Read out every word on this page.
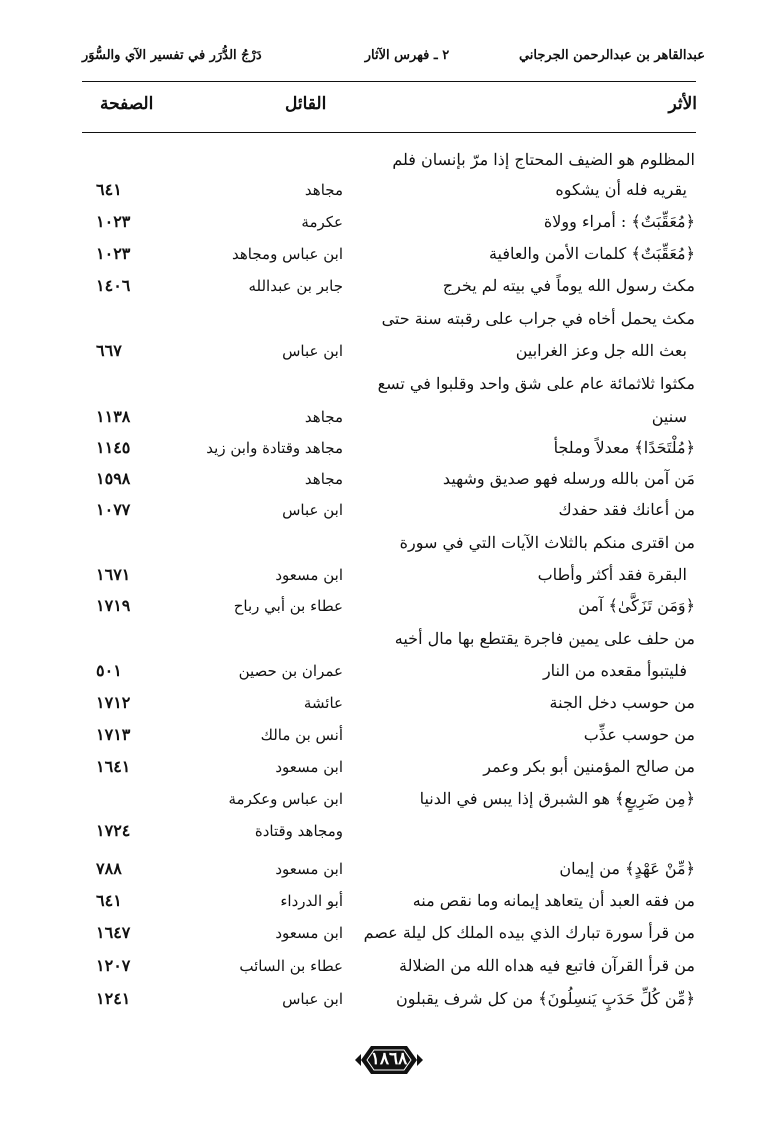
عبدالقاهر بن عبدالرحمن الجرجاني
٢ ـ فهرس الآثار
دَرْجُ الدُّرَر في تفسير الآي والسُّوَر
الأثر
القائل
الصفحة
المظلوم هو الضيف المحتاج إذا مرّ بإنسان فلم
يقريه فله أن يشكوه
مجاهد
٦٤١
﴿مُعَقِّبَتٌ﴾ : أمراء وولاة
عكرمة
١٠٢٣
﴿مُعَقِّبَتٌ﴾ كلمات الأمن والعافية
ابن عباس ومجاهد
١٠٢٣
مكث رسول الله يوماً في بيته لم يخرج
جابر بن عبدالله
١٤٠٦
مكث يحمل أخاه في جراب على رقبته سنة حتى
بعث الله جل وعز الغرابين
ابن عباس
٦٦٧
مكثوا ثلاثمائة عام على شق واحد وقلبوا في تسع
سنين
مجاهد
١١٣٨
﴿مُلْتَحَدًا﴾ معدلاً وملجأ
مجاهد وقتادة وابن زيد
١١٤٥
مَن آمن بالله ورسله فهو صديق وشهيد
مجاهد
١٥٩٨
من أعانك فقد حفدك
ابن عباس
١٠٧٧
من اقترى منكم بالثلاث الآيات التي في سورة
البقرة فقد أكثر وأطاب
ابن مسعود
١٦٧١
﴿وَمَن تَزَكَّىٰ﴾ آمن
عطاء بن أبي رباح
١٧١٩
من حلف على يمين فاجرة يقتطع بها مال أخيه
فليتبوأ مقعده من النار
عمران بن حصين
٥٠١
من حوسب دخل الجنة
عائشة
١٧١٢
من حوسب عذِّب
أنس بن مالك
١٧١٣
من صالح المؤمنين أبو بكر وعمر
ابن مسعود
١٦٤١
﴿مِن ضَرِيعٍ﴾ هو الشبرق إذا يبس في الدنيا
ابن عباس وعكرمة
ومجاهد وقتادة
١٧٢٤
﴿مِّنْ عَهْدٍ﴾ من إيمان
ابن مسعود
٧٨٨
من فقه العبد أن يتعاهد إيمانه وما نقص منه
أبو الدرداء
٦٤١
من قرأ سورة تبارك الذي بيده الملك كل ليلة عصم
ابن مسعود
١٦٤٧
من قرأ القرآن فاتبع فيه هداه الله من الضلالة
عطاء بن السائب
١٢٠٧
﴿مِّن كُلِّ حَدَبٍ يَنسِلُونَ﴾ من كل شرف يقبلون
ابن عباس
١٢٤١
١٨٦٨
